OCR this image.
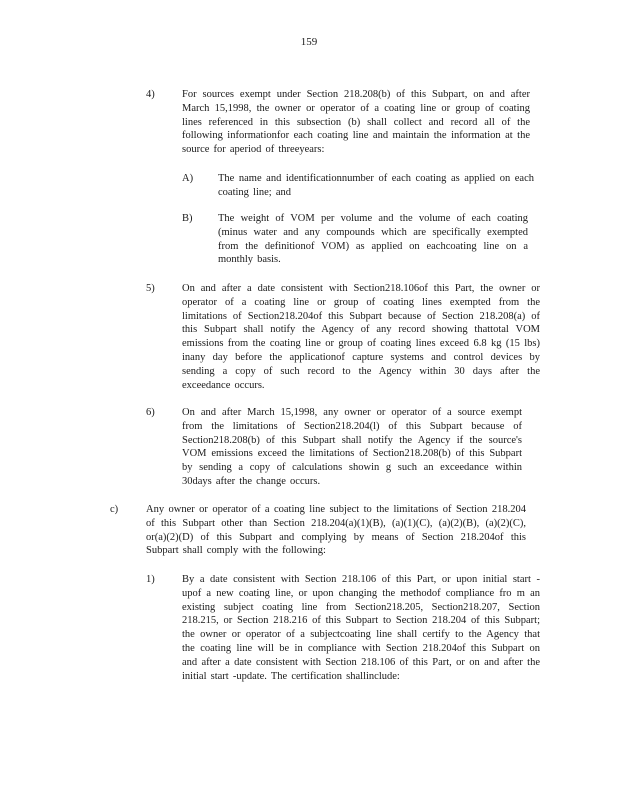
159
4)	For sources exempt under Section 218.208(b) of this Subpart, on and after March 15,1998, the owner or operator of a coating line or group of coating lines referenced in this subsection (b) shall collect and record all of the following informationfor each coating line and maintain the information at the source for aperiod of threeyears:
A) The name and identificationnumber of each coating as applied on each coating line; and
B) The weight of VOM per volume and the volume of each coating (minus water and any compounds which are specifically exempted from the definitionof VOM) as applied on eachcoating line on a monthly basis.
5)	On and after a date consistent with Section218.106of this Part, the owner or operator of a coating line or group of coating lines exempted from the limitations of Section218.204of this Subpart because of Section 218.208(a) of this Subpart shall notify the Agency of any record showing thattotal VOM emissions from the coating line or group of coating lines exceed 6.8 kg (15 lbs) inany day before the applicationof capture systems and control devices by sending a copy of such record to the Agency within 30 days after the exceedance occurs.
6)	On and after March 15,1998, any owner or operator of a source exempt from the limitations of Section218.204(l) of this Subpart because of Section218.208(b) of this Subpart shall notify the Agency if the source's VOM emissions exceed the limitations of Section218.208(b) of this Subpart by sending a copy of calculations showin g such an exceedance within 30days after the change occurs.
c)	Any owner or operator of a coating line subject to the limitations of Section 218.204 of this Subpart other than Section 218.204(a)(1)(B), (a)(1)(C), (a)(2)(B), (a)(2)(C), or(a)(2)(D) of this Subpart and complying by means of Section 218.204of this Subpart shall comply with the following:
1)	By a date consistent with Section 218.106 of this Part, or upon initial start - upof a new coating line, or upon changing the methodof compliance fro m an existing subject coating line from Section218.205, Section218.207, Section 218.215, or Section 218.216 of this Subpart to Section 218.204 of this Subpart; the owner or operator of a subjectcoating line shall certify to the Agency that the coating line will be in compliance with Section 218.204of this Subpart on and after a date consistent with Section 218.106 of this Part, or on and after the initial start -update. The certification shallinclude:
